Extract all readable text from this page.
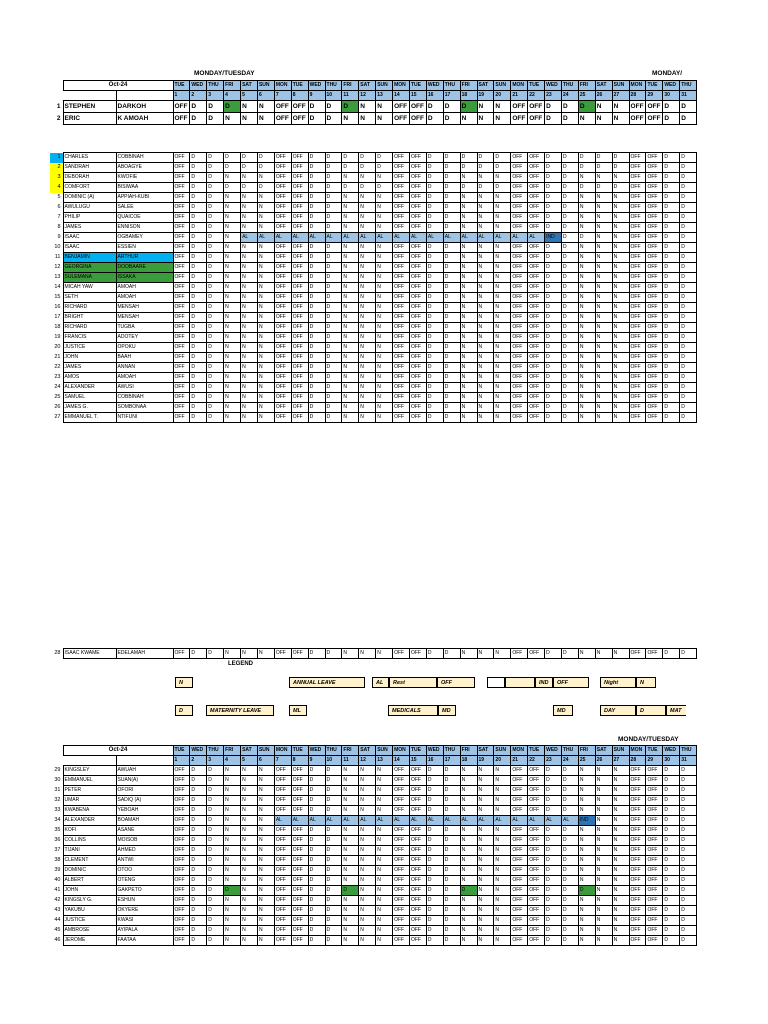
MONDAY/TUESDAY	MONDAY/
	Oct-24		TUE	WED	THU	FRI	SAT	SUN	MON	TUE	WED	THU	FRI	SAT	SUN	MON	TUE	WED	THU	FRI	SAT	SUN	MON	TUE	WED	THU	FRI	SAT	SUN	MON	TUE	WED	THU
			1	2	3	4	5	6	7	8	9	10	11	12	13	14	15	16	17	18	19	20	21	22	23	24	25	26	27	28	29	30	31
1	STEPHEN	DARKOH	OFF	D	D	D	N	N	OFF	OFF	D	D	D	N	N	OFF	OFF	D	D	D	N	N	OFF	OFF	D	D	D	N	N	OFF	OFF	D	D
2	ERIC	K AMOAH	OFF	D	D	N	N	N	OFF	OFF	D	D	N	N	N	OFF	OFF	D	D	N	N	N	OFF	OFF	D	D	N	N	N	OFF	OFF	D	D
1	CHARLES	COBBINAH	OFF	D	D	D	D	D	OFF	OFF	D	D	D	D	D	OFF	OFF	D	D	D	D	D	OFF	OFF	D	D	D	D	D	OFF	OFF	D	D
2	SANDRAH	ABOAGYE	OFF	D	D	D	D	D	OFF	OFF	D	D	D	D	D	OFF	OFF	D	D	D	D	D	OFF	OFF	D	D	D	D	D	OFF	OFF	D	D
3	DEBORAH	KWOFIE	OFF	D	D	N	N	N	OFF	OFF	D	D	N	N	N	OFF	OFF	D	D	N	N	N	OFF	OFF	D	D	N	N	N	OFF	OFF	D	D
4	COMFORT	BISIWAA	OFF	D	D	D	D	D	OFF	OFF	D	D	D	D	D	OFF	OFF	D	D	D	D	D	OFF	OFF	D	D	D	D	D	OFF	OFF	D	D
5	DOMINIC (A)	APPIAH-KUBI	OFF	D	D	N	N	N	OFF	OFF	D	D	N	N	N	OFF	OFF	D	D	N	N	N	OFF	OFF	D	D	N	N	N	OFF	OFF	D	D
6	AWULUGU	SALEE	OFF	D	D	N	N	N	OFF	OFF	D	D	N	N	N	OFF	OFF	D	D	N	N	N	OFF	OFF	D	D	N	N	N	OFF	OFF	D	D
7	PHILIP	QUAICOE	OFF	D	D	N	N	N	OFF	OFF	D	D	N	N	N	OFF	OFF	D	D	N	N	N	OFF	OFF	D	D	N	N	N	OFF	OFF	D	D
8	JAMES	ENNISON	OFF	D	D	N	N	N	OFF	OFF	D	D	N	N	N	OFF	OFF	D	D	N	N	N	OFF	OFF	D	D	N	N	N	OFF	OFF	D	D
9	ISAAC	OGBAMEY	OFF	D	D	N	AL	AL	AL	AL	AL	AL	AL	AL	AL	AL	AL	AL	AL	AL	AL	AL	AL	AL	IND	D	D	N	N	OFF	OFF	D	D
10	ISAAC	ESSIEN	OFF	D	D	N	N	N	OFF	OFF	D	D	N	N	N	OFF	OFF	D	D	N	N	N	OFF	OFF	D	D	N	N	N	OFF	OFF	D	D
11	BENJAMIN	ARTHUR	OFF	D	D	N	N	N	OFF	OFF	D	D	N	N	N	OFF	OFF	D	D	N	N	N	OFF	OFF	D	D	N	N	N	OFF	OFF	D	D
12	GEORGINA	DOOBAARE	OFF	D	D	N	N	N	OFF	OFF	D	D	N	N	N	OFF	OFF	D	D	N	N	N	OFF	OFF	D	D	N	N	N	OFF	OFF	D	D
13	SULEMANA	ISSAKA	OFF	D	D	N	N	N	OFF	OFF	D	D	N	N	N	OFF	OFF	D	D	N	N	N	OFF	OFF	D	D	N	N	N	OFF	OFF	D	D
14	MICAH YAW	AMOAH	OFF	D	D	N	N	N	OFF	OFF	D	D	N	N	N	OFF	OFF	D	D	N	N	N	OFF	OFF	D	D	N	N	N	OFF	OFF	D	D
15	SETH	AMOAH	OFF	D	D	N	N	N	OFF	OFF	D	D	N	N	N	OFF	OFF	D	D	N	N	N	OFF	OFF	D	D	N	N	N	OFF	OFF	D	D
16	RICHARD	MENSAH	OFF	D	D	N	N	N	OFF	OFF	D	D	N	N	N	OFF	OFF	D	D	N	N	N	OFF	OFF	D	D	N	N	N	OFF	OFF	D	D
17	BRIGHT	MENSAH	OFF	D	D	N	N	N	OFF	OFF	D	D	N	N	N	OFF	OFF	D	D	N	N	N	OFF	OFF	D	D	N	N	N	OFF	OFF	D	D
18	RICHARD	TUGBA	OFF	D	D	N	N	N	OFF	OFF	D	D	N	N	N	OFF	OFF	D	D	N	N	N	OFF	OFF	D	D	N	N	N	OFF	OFF	D	D
19	FRANCIS	ADOTEY	OFF	D	D	N	N	N	OFF	OFF	D	D	N	N	N	OFF	OFF	D	D	N	N	N	OFF	OFF	D	D	N	N	N	OFF	OFF	D	D
20	JUSTICE	OPOKU	OFF	D	D	N	N	N	OFF	OFF	D	D	N	N	N	OFF	OFF	D	D	N	N	N	OFF	OFF	D	D	N	N	N	OFF	OFF	D	D
21	JOHN	BAAH	OFF	D	D	N	N	N	OFF	OFF	D	D	N	N	N	OFF	OFF	D	D	N	N	N	OFF	OFF	D	D	N	N	N	OFF	OFF	D	D
22	JAMES	ANNAN	OFF	D	D	N	N	N	OFF	OFF	D	D	N	N	N	OFF	OFF	D	D	N	N	N	OFF	OFF	D	D	N	N	N	OFF	OFF	D	D
23	AMOS	AMOAH	OFF	D	D	N	N	N	OFF	OFF	D	D	N	N	N	OFF	OFF	D	D	N	N	N	OFF	OFF	D	D	N	N	N	OFF	OFF	D	D
24	ALEXANDER	AWUSI	OFF	D	D	N	N	N	OFF	OFF	D	D	N	N	N	OFF	OFF	D	D	N	N	N	OFF	OFF	D	D	N	N	N	OFF	OFF	D	D
25	SAMUEL	COBBINAH	OFF	D	D	N	N	N	OFF	OFF	D	D	N	N	N	OFF	OFF	D	D	N	N	N	OFF	OFF	D	D	N	N	N	OFF	OFF	D	D
26	JAMES G.	SOMBONAA	OFF	D	D	N	N	N	OFF	OFF	D	D	N	N	N	OFF	OFF	D	D	N	N	N	OFF	OFF	D	D	N	N	N	OFF	OFF	D	D
27	EMMANUEL T.	NTIFUNI	OFF	D	D	N	N	N	OFF	OFF	D	D	N	N	N	OFF	OFF	D	D	N	N	N	OFF	OFF	D	D	N	N	N	OFF	OFF	D	D
28	ISAAC KWAME	EDELAMAH	OFF	D	D	N	N	N	OFF	OFF	D	D	N	N	N	OFF	OFF	D	D	N	N	N	OFF	OFF	D	D	N	N	N	OFF	OFF	D	D
LEGEND
N	ANNUAL LEAVE	AL	Rest	OFF	IND	OFF	Night	N
D	MATERNITY LEAVE	ML	MEDICALS	MD	MD	DAY	D	MAT
MONDAY/TUESDAY
	Oct-24		TUE	WED	THU	FRI	SAT	SUN	MON	TUE	WED	THU	FRI	SAT	SUN	MON	TUE	WED	THU	FRI	SAT	SUN	MON	TUE	WED	THU	FRI	SAT	SUN	MON	TUE	WED	THU
			1	2	3	4	5	6	7	8	9	10	11	12	13	14	15	16	17	18	19	20	21	22	23	24	25	26	27	28	29	30	31
29	KINGSLEY	AWUAH	OFF	D	D	N	N	N	OFF	OFF	D	D	N	N	N	OFF	OFF	D	D	N	N	N	OFF	OFF	D	D	N	N	N	OFF	OFF	D	D
30	EMMANUEL	SUAN(A)	OFF	D	D	N	N	N	OFF	OFF	D	D	N	N	N	OFF	OFF	D	D	N	N	N	OFF	OFF	D	D	N	N	N	OFF	OFF	D	D
31	PETER	OFORI	OFF	D	D	N	N	N	OFF	OFF	D	D	N	N	N	OFF	OFF	D	D	N	N	N	OFF	OFF	D	D	N	N	N	OFF	OFF	D	D
32	UMAR	SADIQ (A)	OFF	D	D	N	N	N	OFF	OFF	D	D	N	N	N	OFF	OFF	D	D	N	N	N	OFF	OFF	D	D	N	N	N	OFF	OFF	D	D
33	KWABENA	YEBOAH	OFF	D	D	N	N	N	OFF	OFF	D	D	N	N	N	OFF	OFF	D	D	N	N	N	OFF	OFF	D	D	N	N	N	OFF	OFF	D	D
34	ALEXANDER	BOAMAH	OFF	D	D	N	N	N	AL	AL	AL	AL	AL	AL	AL	AL	AL	AL	AL	AL	AL	AL	AL	AL	AL	AL	IND	N	N	OFF	OFF	D	D
35	KOFI	ASANE	OFF	D	D	N	N	N	OFF	OFF	D	D	N	N	N	OFF	OFF	D	D	N	N	N	OFF	OFF	D	D	N	N	N	OFF	OFF	D	D
36	COLLINS	MOISOB	OFF	D	D	N	N	N	OFF	OFF	D	D	N	N	N	OFF	OFF	D	D	N	N	N	OFF	OFF	D	D	N	N	N	OFF	OFF	D	D
37	TIJANI	AHMED	OFF	D	D	N	N	N	OFF	OFF	D	D	N	N	N	OFF	OFF	D	D	N	N	N	OFF	OFF	D	D	N	N	N	OFF	OFF	D	D
38	CLEMENT	ANTWI	OFF	D	D	N	N	N	OFF	OFF	D	D	N	N	N	OFF	OFF	D	D	N	N	N	OFF	OFF	D	D	N	N	N	OFF	OFF	D	D
39	DOMINIC	OTOO	OFF	D	D	N	N	N	OFF	OFF	D	D	N	N	N	OFF	OFF	D	D	N	N	N	OFF	OFF	D	D	N	N	N	OFF	OFF	D	D
40	ALBERT	OTENG	OFF	D	D	N	N	N	OFF	OFF	D	D	N	N	N	OFF	OFF	D	D	N	N	N	OFF	OFF	D	D	N	N	N	OFF	OFF	D	D
41	JOHN	GAKPETO	OFF	D	D	D	N	N	OFF	OFF	D	D	D	N	N	OFF	OFF	D	D	D	N	N	OFF	OFF	D	D	D	N	N	OFF	OFF	D	D
42	KINGSLY G.	ESHUN	OFF	D	D	N	N	N	OFF	OFF	D	D	N	N	N	OFF	OFF	D	D	N	N	N	OFF	OFF	D	D	N	N	N	OFF	OFF	D	D
43	YAKUBU	OKYERE	OFF	D	D	N	N	N	OFF	OFF	D	D	N	N	N	OFF	OFF	D	D	N	N	N	OFF	OFF	D	D	N	N	N	OFF	OFF	D	D
44	JUSTICE	KWASI	OFF	D	D	N	N	N	OFF	OFF	D	D	N	N	N	OFF	OFF	D	D	N	N	N	OFF	OFF	D	D	N	N	N	OFF	OFF	D	D
45	AMBROSE	AYIPALA	OFF	D	D	N	N	N	OFF	OFF	D	D	N	N	N	OFF	OFF	D	D	N	N	N	OFF	OFF	D	D	N	N	N	OFF	OFF	D	D
46	JEROME	FAATAA	OFF	D	D	N	N	N	OFF	OFF	D	D	N	N	N	OFF	OFF	D	D	N	N	N	OFF	OFF	D	D	N	N	N	OFF	OFF	D	D
